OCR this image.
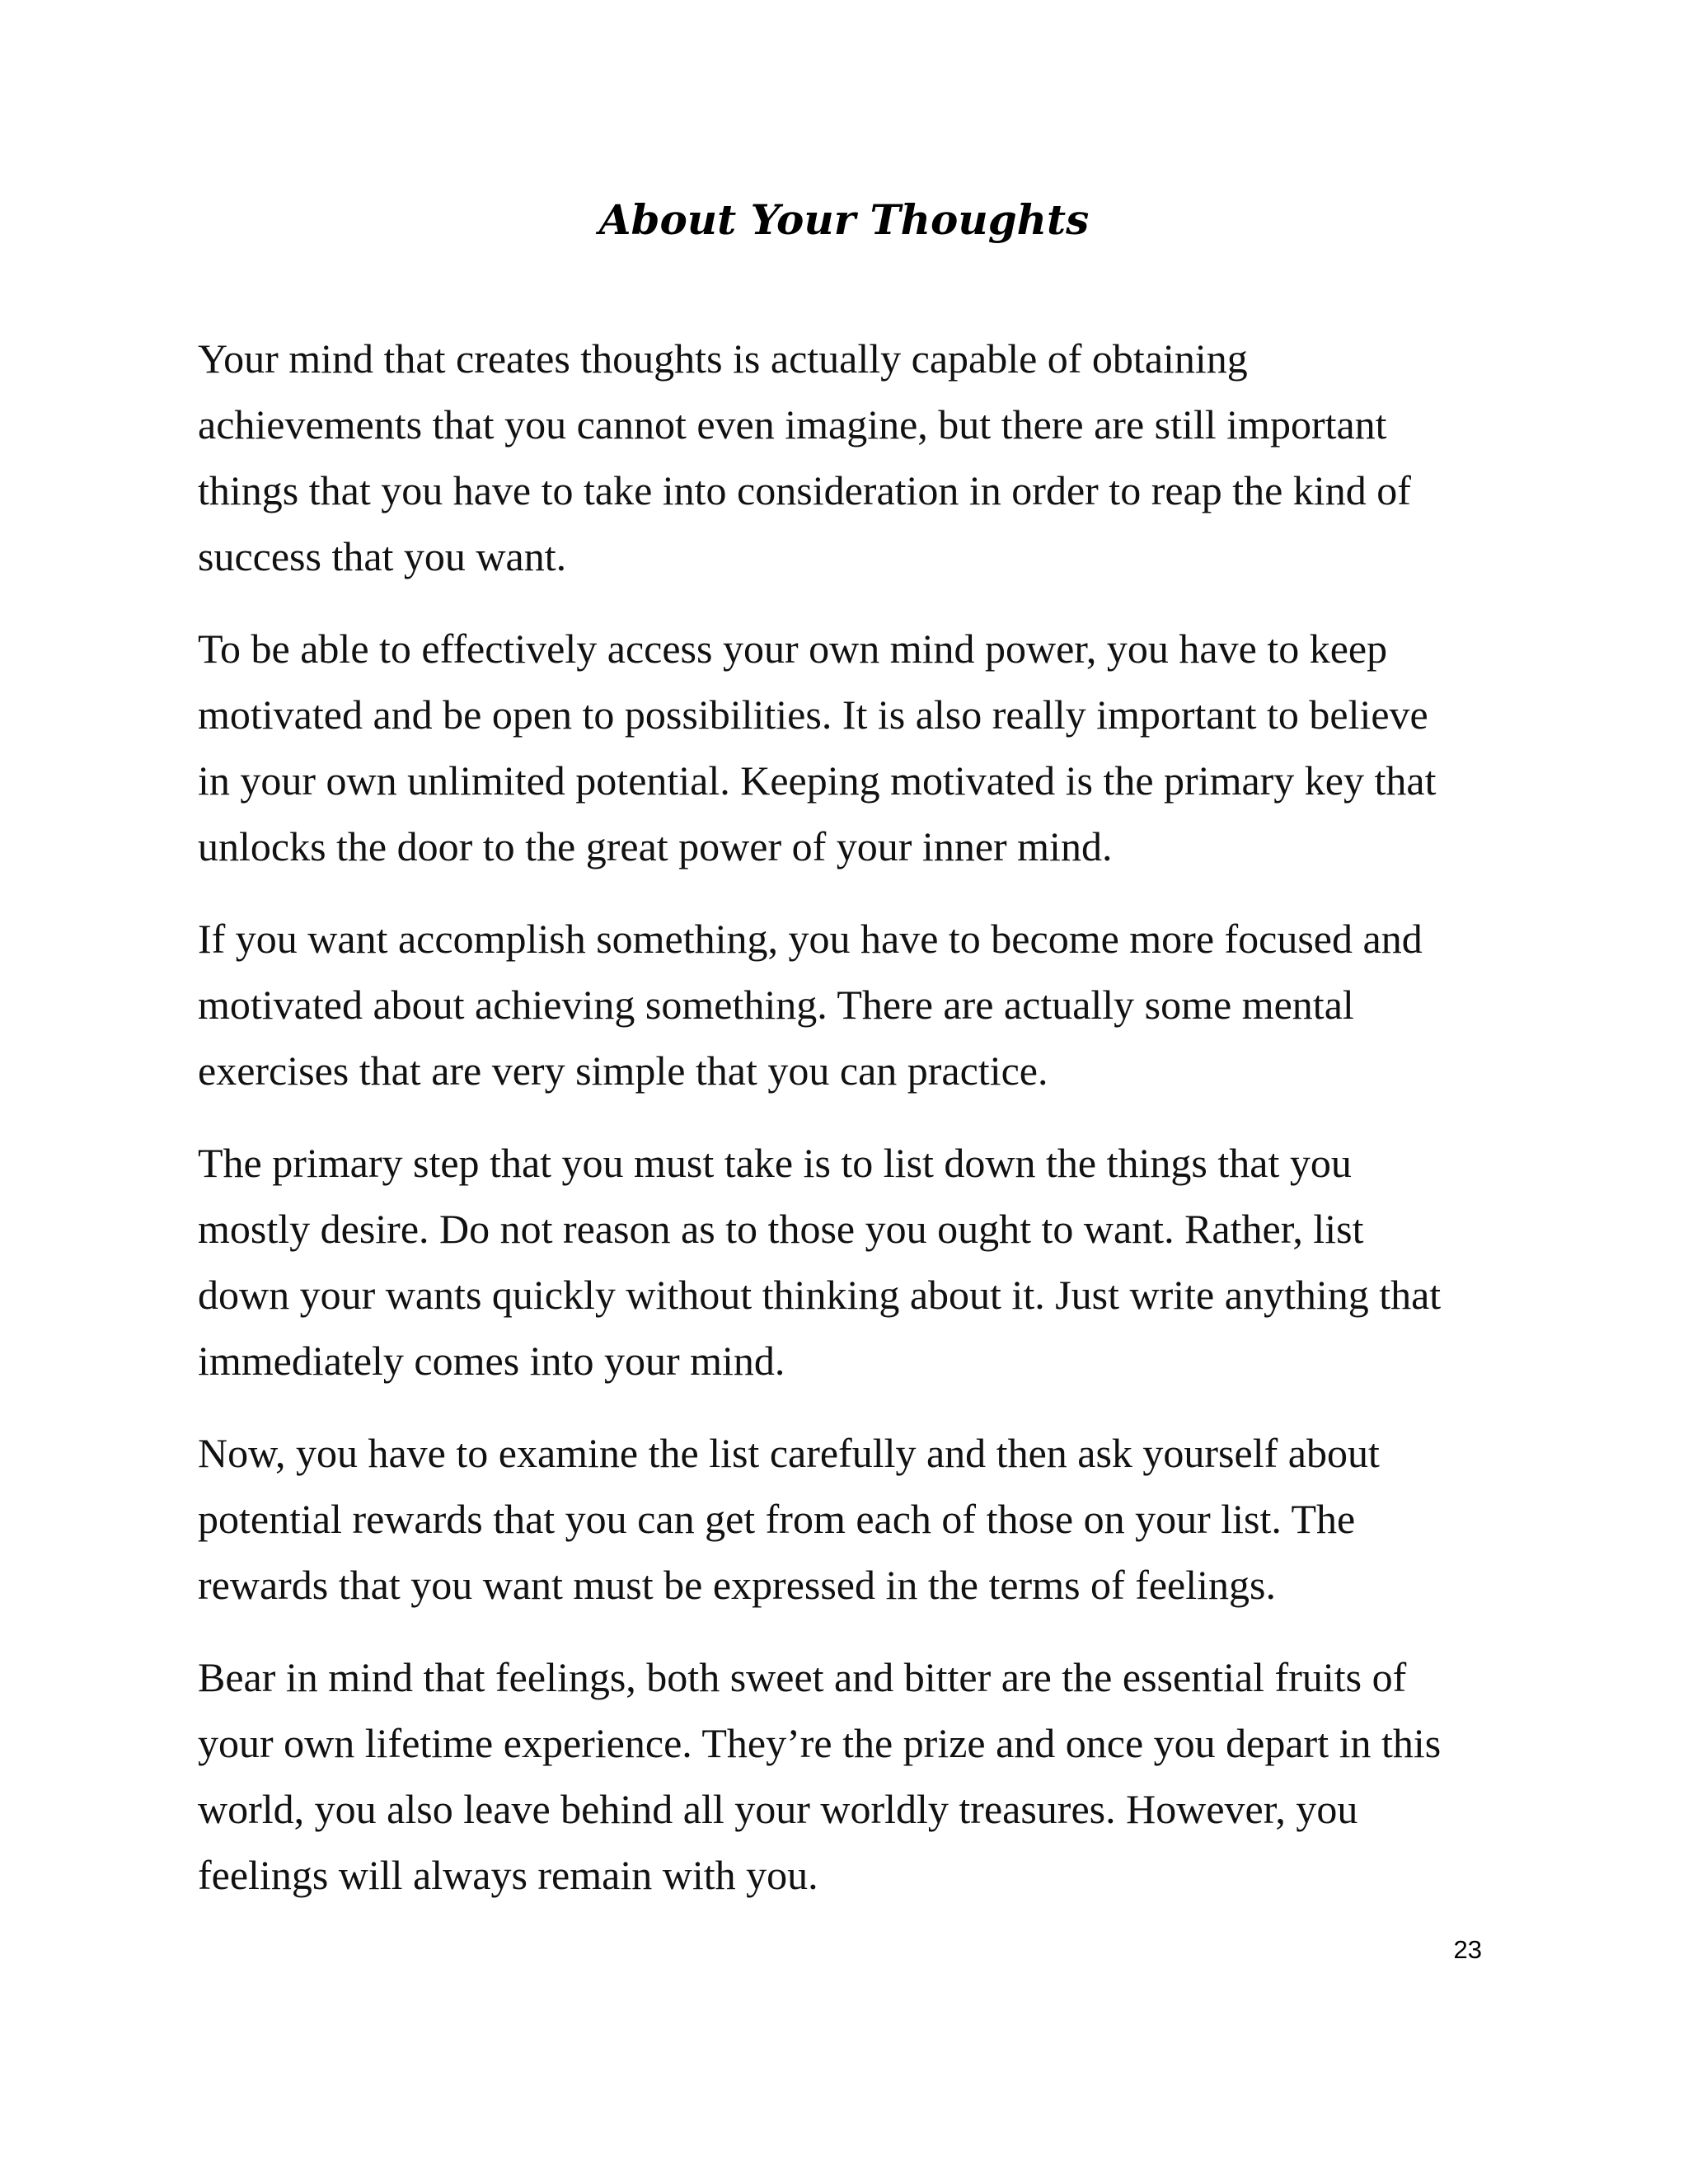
About Your Thoughts
Your mind that creates thoughts is actually capable of obtaining
achievements that you cannot even imagine, but there are still important
things that you have to take into consideration in order to reap the kind of
success that you want.
To be able to effectively access your own mind power, you have to keep
motivated and be open to possibilities. It is also really important to believe
in your own unlimited potential. Keeping motivated is the primary key that
unlocks the door to the great power of your inner mind.
If you want accomplish something, you have to become more focused and
motivated about achieving something. There are actually some mental
exercises that are very simple that you can practice.
The primary step that you must take is to list down the things that you
mostly desire. Do not reason as to those you ought to want. Rather, list
down your wants quickly without thinking about it. Just write anything that
immediately comes into your mind.
Now, you have to examine the list carefully and then ask yourself about
potential rewards that you can get from each of those on your list. The
rewards that you want must be expressed in the terms of feelings.
Bear in mind that feelings, both sweet and bitter are the essential fruits of
your own lifetime experience. They’re the prize and once you depart in this
world, you also leave behind all your worldly treasures. However, you
feelings will always remain with you.

23
